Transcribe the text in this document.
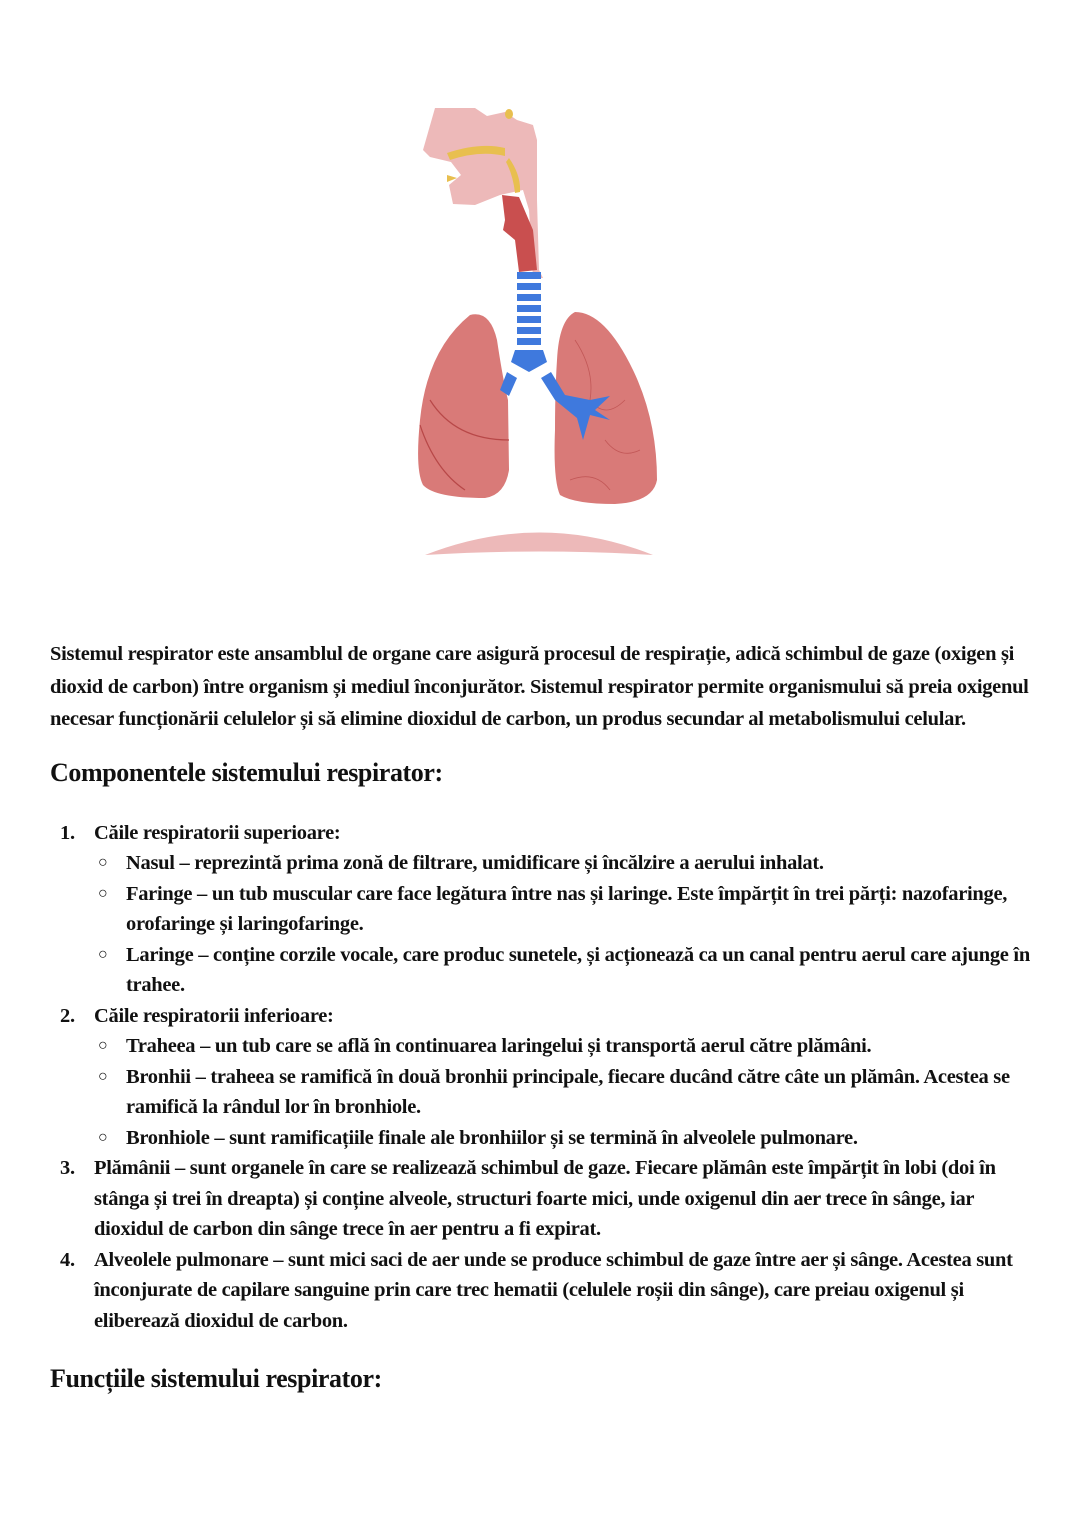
Sistemul respirator este ansamblul de organe care asigură procesul de respirație, adică schimbul de gaze (oxigen și dioxid de carbon) între organism și mediul înconjurător. Sistemul respirator permite organismului să preia oxigenul necesar funcționării celulelor și să elimine dioxidul de carbon, un produs secundar al metabolismului celular.

Componentele sistemului respirator:
1. Căile respiratorii superioare:
○ Nasul – reprezintă prima zonă de filtrare, umidificare și încălzire a aerului inhalat.
○ Faringe – un tub muscular care face legătura între nas și laringe. Este împărțit în trei părți: nazofaringe, orofaringe și laringofaringe.
○ Laringe – conține corzile vocale, care produc sunetele, și acționează ca un canal pentru aerul care ajunge în trahee.
2. Căile respiratorii inferioare:
○ Traheea – un tub care se află în continuarea laringelui și transportă aerul către plămâni.
○ Bronhii – traheea se ramifică în două bronhii principale, fiecare ducând către câte un plămân. Acestea se ramifică la rândul lor în bronhiole.
○ Bronhiole – sunt ramificațiile finale ale bronhiilor și se termină în alveolele pulmonare.
3. Plămânii – sunt organele în care se realizează schimbul de gaze. Fiecare plămân este împărțit în lobi (doi în stânga și trei în dreapta) și conține alveole, structuri foarte mici, unde oxigenul din aer trece în sânge, iar dioxidul de carbon din sânge trece în aer pentru a fi expirat.
4. Alveolele pulmonare – sunt mici saci de aer unde se produce schimbul de gaze între aer și sânge. Acestea sunt înconjurate de capilare sanguine prin care trec hematii (celulele roșii din sânge), care preiau oxigenul și eliberează dioxidul de carbon.
Funcțiile sistemului respirator:
